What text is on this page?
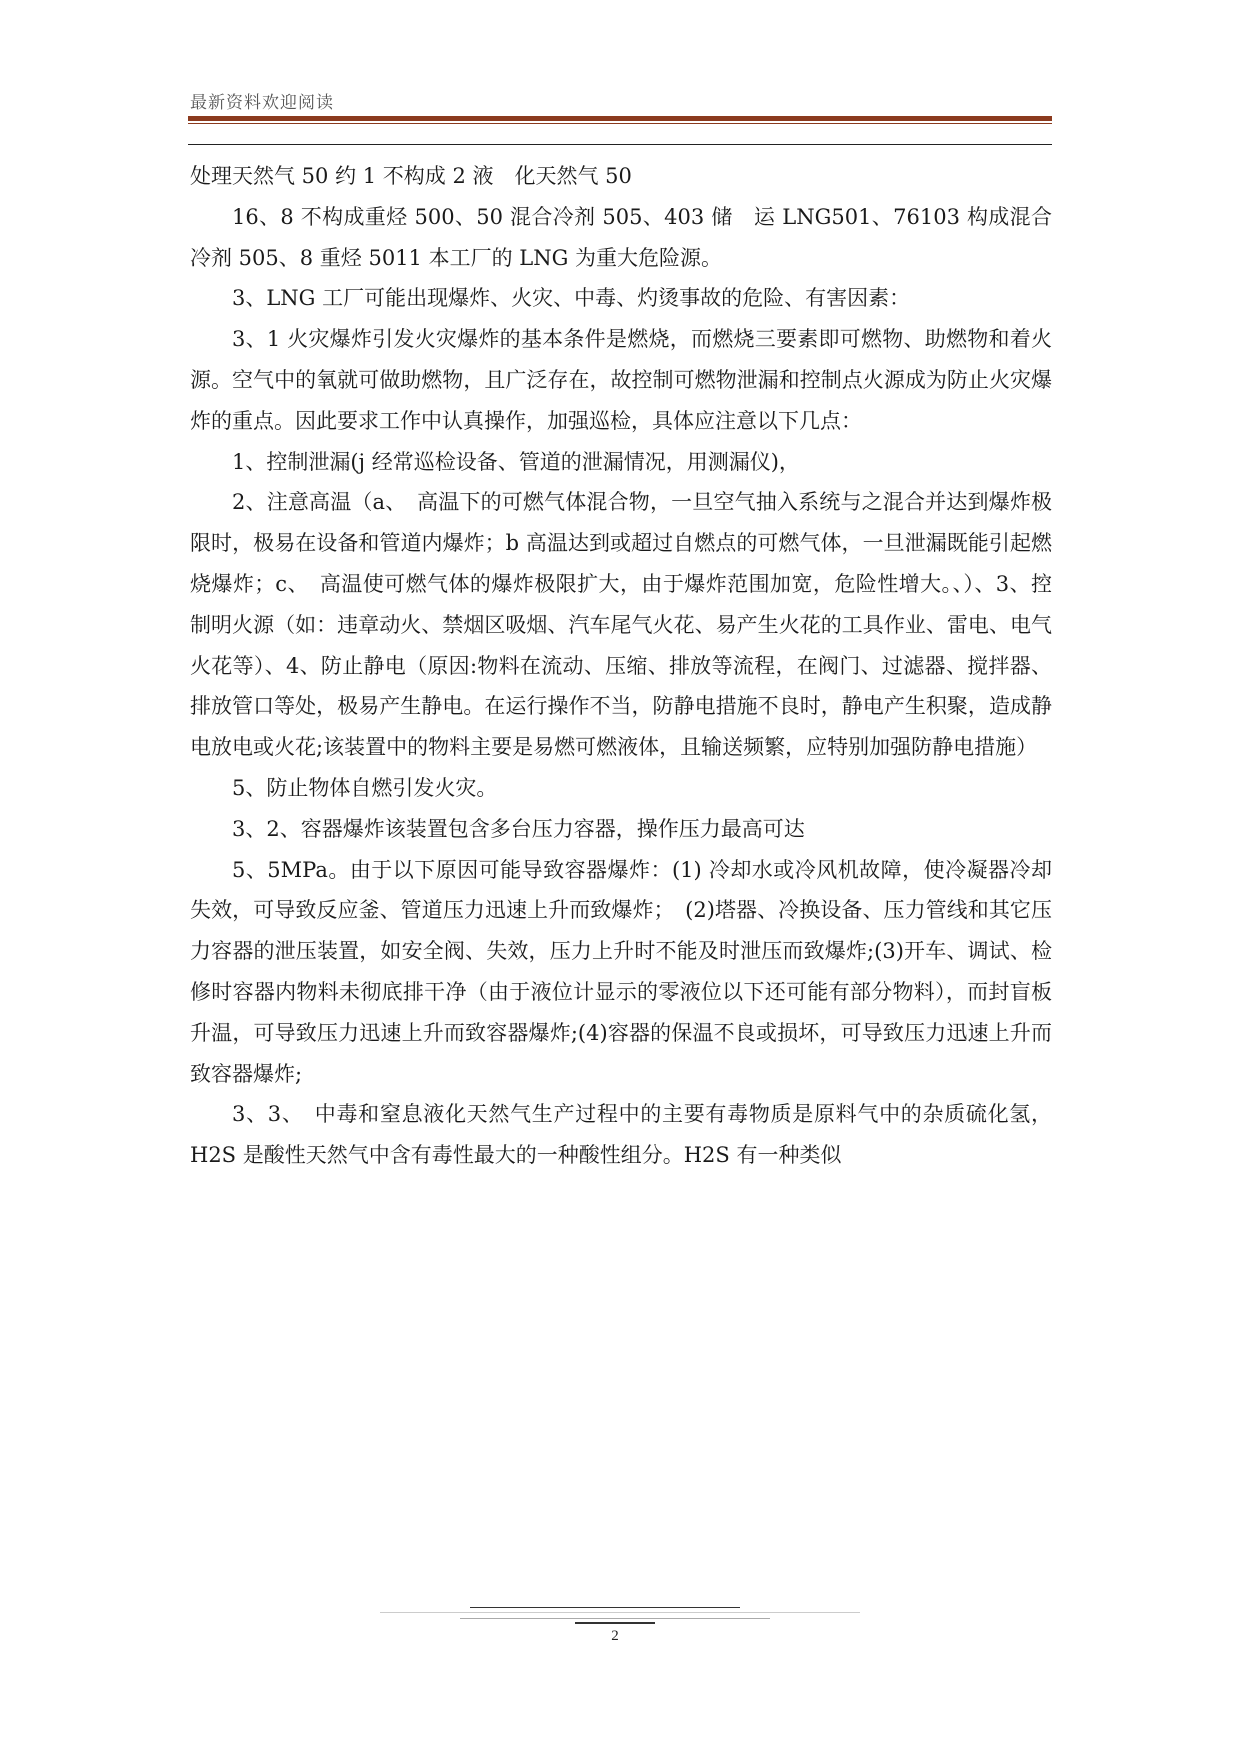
最新资料欢迎阅读

处理天然气 50 约 1 不构成 2 液　化天然气 50

16、8 不构成重烃 500、50 混合冷剂 505、403 储　运 LNG501、76103 构成混合冷剂 505、8 重烃 5011 本工厂的 LNG 为重大危险源。

3、LNG 工厂可能出现爆炸、火灾、中毒、灼烫事故的危险、有害因素：

3、1 火灾爆炸引发火灾爆炸的基本条件是燃烧，而燃烧三要素即可燃物、助燃物和着火源。空气中的氧就可做助燃物，且广泛存在，故控制可燃物泄漏和控制点火源成为防止火灾爆炸的重点。因此要求工作中认真操作，加强巡检，具体应注意以下几点：

1、控制泄漏(j 经常巡检设备、管道的泄漏情况，用测漏仪)，

2、注意高温（a、　高温下的可燃气体混合物，一旦空气抽入系统与之混合并达到爆炸极限时，极易在设备和管道内爆炸；b 高温达到或超过自燃点的可燃气体，一旦泄漏既能引起燃烧爆炸；c、　高温使可燃气体的爆炸极限扩大，由于爆炸范围加宽，危险性增大。、）、3、控制明火源（如：违章动火、禁烟区吸烟、汽车尾气火花、易产生火花的工具作业、雷电、电气火花等）、4、防止静电（原因:物料在流动、压缩、排放等流程，在阀门、过滤器、搅拌器、排放管口等处，极易产生静电。在运行操作不当，防静电措施不良时，静电产生积聚，造成静电放电或火花;该装置中的物料主要是易燃可燃液体，且输送频繁，应特别加强防静电措施）

5、防止物体自燃引发火灾。

3、2、容器爆炸该装置包含多台压力容器，操作压力最高可达

5、5MPa。由于以下原因可能导致容器爆炸：(1) 冷却水或冷风机故障，使冷凝器冷却失效，可导致反应釜、管道压力迅速上升而致爆炸；　(2)塔器、冷换设备、压力管线和其它压力容器的泄压装置，如安全阀、失效，压力上升时不能及时泄压而致爆炸;(3)开车、调试、检修时容器内物料未彻底排干净（由于液位计显示的零液位以下还可能有部分物料），而封盲板升温，可导致压力迅速上升而致容器爆炸;(4)容器的保温不良或损坏，可导致压力迅速上升而致容器爆炸;

3、3、　中毒和窒息液化天然气生产过程中的主要有毒物质是原料气中的杂质硫化氢，H2S 是酸性天然气中含有毒性最大的一种酸性组分。H2S 有一种类似

2
